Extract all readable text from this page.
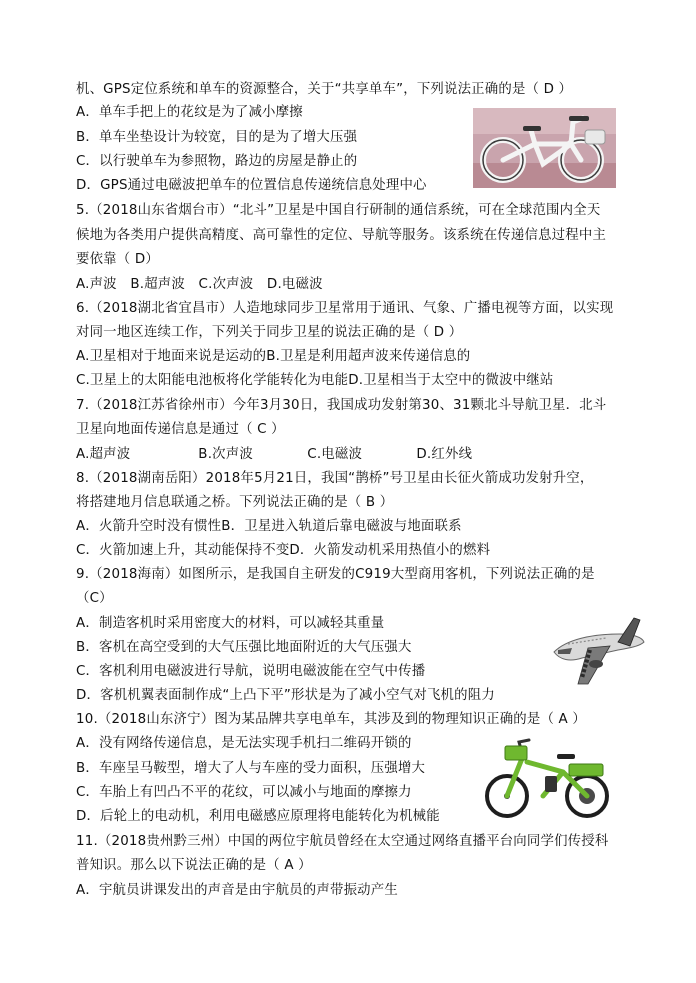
机、GPS定位系统和单车的资源整合，关于“共享单车”，下列说法正确的是（ D ）
A．单车手把上的花纹是为了减小摩擦
B．单车坐垫设计为较宽，目的是为了增大压强
C．以行驶单车为参照物，路边的房屋是静止的
D．GPS通过电磁波把单车的位置信息传递统信息处理中心
5.（2018山东省烟台市）“北斗”卫星是中国自行研制的通信系统，可在全球范围内全天
候地为各类用户提供高精度、高可靠性的定位、导航等服务。该系统在传递信息过程中主
要依靠（ D）
A.声波　B.超声波　C.次声波　D.电磁波
6.（2018湖北省宜昌市）人造地球同步卫星常用于通讯、气象、广播电视等方面，以实现
对同一地区连续工作，下列关于同步卫星的说法正确的是（ D ）
A.卫星相对于地面来说是运动的B.卫星是利用超声波来传递信息的
C.卫星上的太阳能电池板将化学能转化为电能D.卫星相当于太空中的微波中继站
7.（2018江苏省徐州市）今年3月30日，我国成功发射第30、31颗北斗导航卫星．北斗
卫星向地面传递信息是通过（ C ）
A.超声波　　　　　B.次声波　　　　C.电磁波　　　　D.红外线
8.（2018湖南岳阳）2018年5月21日，我国“鹊桥”号卫星由长征火箭成功发射升空，
将搭建地月信息联通之桥。下列说法正确的是（ B ）
A．火箭升空时没有惯性B．卫星进入轨道后靠电磁波与地面联系
C．火箭加速上升，其动能保持不变D．火箭发动机采用热值小的燃料
9.（2018海南）如图所示，是我国自主研发的C919大型商用客机，下列说法正确的是
（C）
A．制造客机时采用密度大的材料，可以减轻其重量
B．客机在高空受到的大气压强比地面附近的大气压强大
C．客机利用电磁波进行导航，说明电磁波能在空气中传播
D．客机机翼表面制作成“上凸下平”形状是为了减小空气对飞机的阻力
10.（2018山东济宁）图为某品牌共享电单车，其涉及到的物理知识正确的是（ A ）
A．没有网络传递信息，是无法实现手机扫二维码开锁的
B．车座呈马鞍型，增大了人与车座的受力面积，压强增大
C．车胎上有凹凸不平的花纹，可以减小与地面的摩擦力
D．后轮上的电动机，利用电磁感应原理将电能转化为机械能
11.（2018贵州黔三州）中国的两位宇航员曾经在太空通过网络直播平台向同学们传授科
普知识。那么以下说法正确的是（ A ）
A．宇航员讲课发出的声音是由宇航员的声带振动产生
